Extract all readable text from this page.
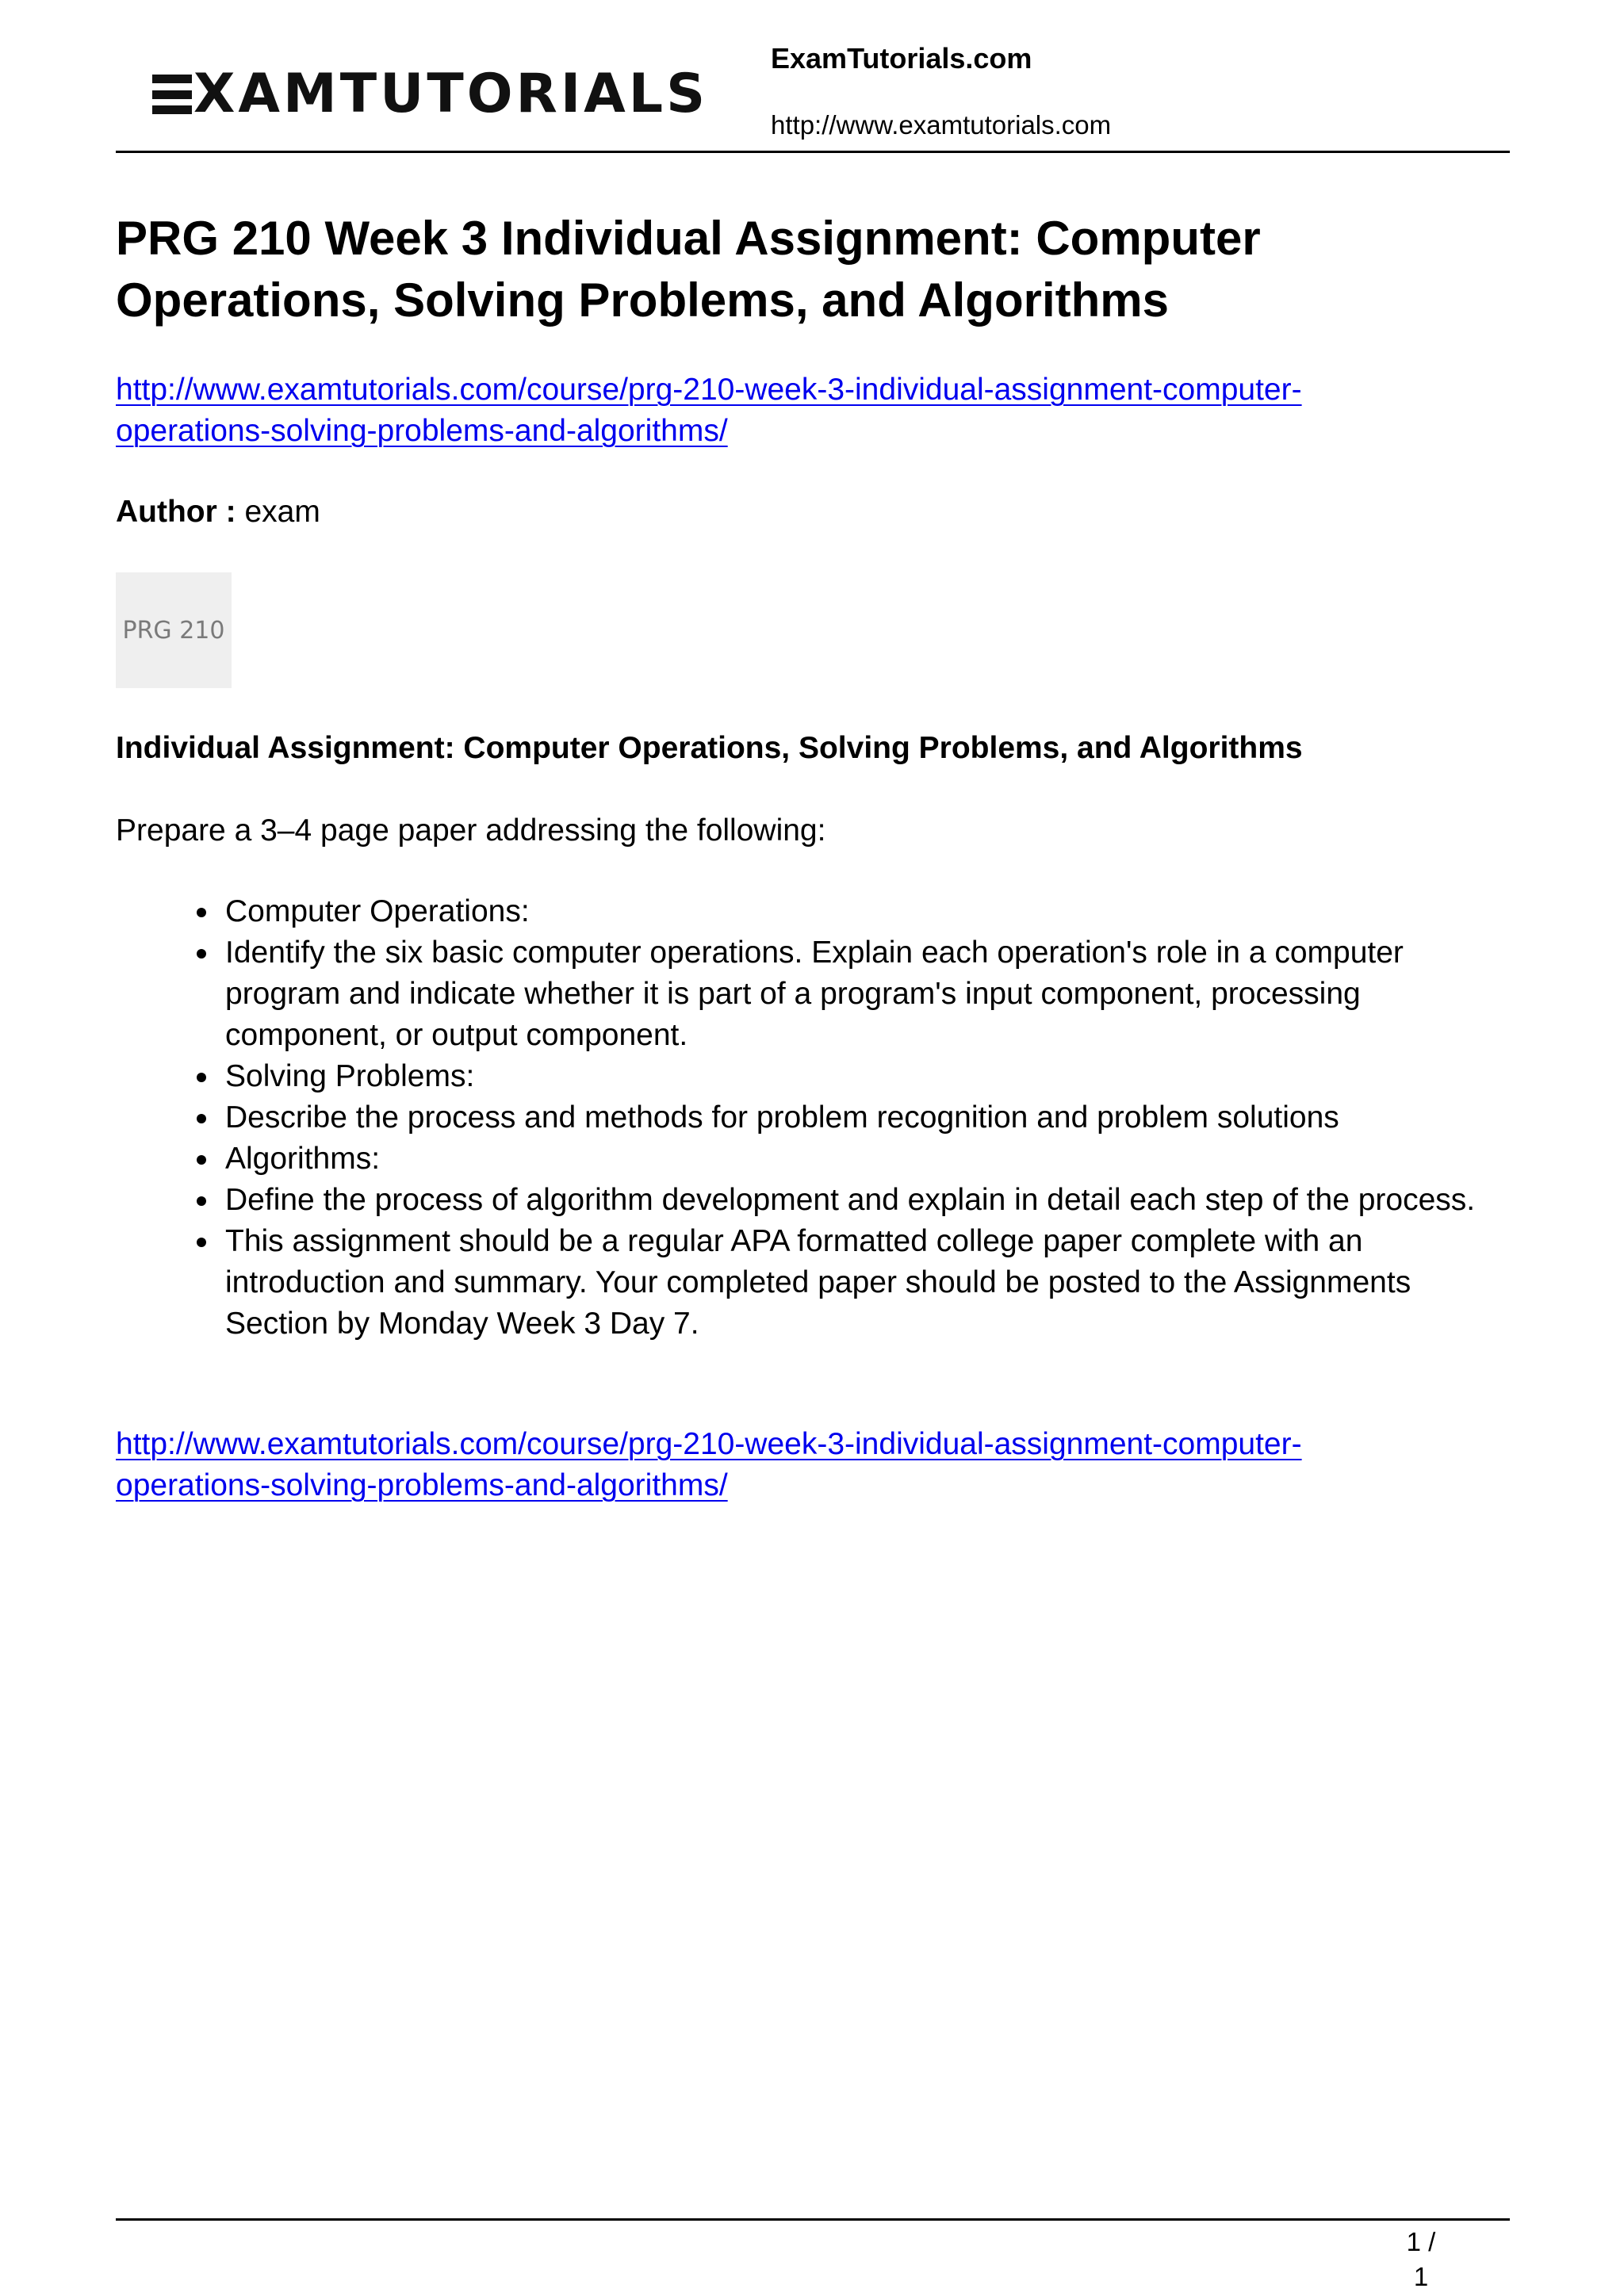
XAMTUTORIALS
ExamTutorials.com
http://www.examtutorials.com
PRG 210 Week 3 Individual Assignment: Computer Operations, Solving Problems, and Algorithms
http://www.examtutorials.com/course/prg-210-week-3-individual-assignment-computer-
operations-solving-problems-and-algorithms/
Author : exam
PRG 210
Individual Assignment: Computer Operations, Solving Problems, and Algorithms

Prepare a 3–4 page paper addressing the following:

Computer Operations:
Identify the six basic computer operations. Explain each operation's role in a computer program and indicate whether it is part of a program's input component, processing component, or output component.
Solving Problems:
Describe the process and methods for problem recognition and problem solutions
Algorithms:
Define the process of algorithm development and explain in detail each step of the process.
This assignment should be a regular APA formatted college paper complete with an introduction and summary. Your completed paper should be posted to the Assignments Section by Monday Week 3 Day 7.
http://www.examtutorials.com/course/prg-210-week-3-individual-assignment-computer-
operations-solving-problems-and-algorithms/
1 / 1
